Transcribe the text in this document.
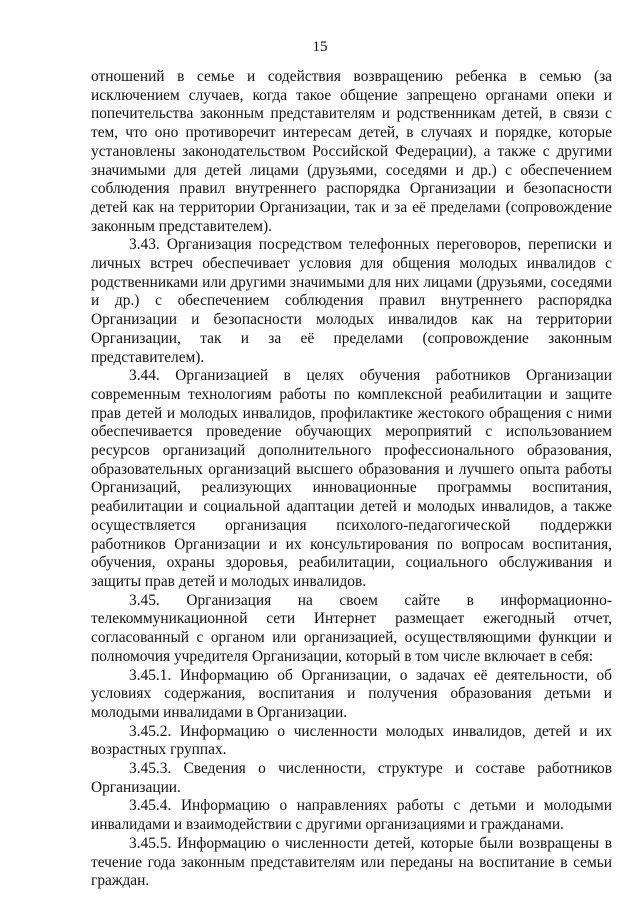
15

отношений в семье и содействия возвращению ребенка в семью (за исключением случаев, когда такое общение запрещено органами опеки и попечительства законным представителям и родственникам детей, в связи с тем, что оно противоречит интересам детей, в случаях и порядке, которые установлены законодательством Российской Федерации), а также с другими значимыми для детей лицами (друзьями, соседями и др.) с обеспечением соблюдения правил внутреннего распорядка Организации и безопасности детей как на территории Организации, так и за её пределами (сопровождение законным представителем).

3.43. Организация посредством телефонных переговоров, переписки и личных встреч обеспечивает условия для общения молодых инвалидов с родственниками или другими значимыми для них лицами (друзьями, соседями и др.) с обеспечением соблюдения правил внутреннего распорядка Организации и безопасности молодых инвалидов как на территории Организации, так и за её пределами (сопровождение законным представителем).

3.44. Организацией в целях обучения работников Организации современным технологиям работы по комплексной реабилитации и защите прав детей и молодых инвалидов, профилактике жестокого обращения с ними обеспечивается проведение обучающих мероприятий с использованием ресурсов организаций дополнительного профессионального образования, образовательных организаций высшего образования и лучшего опыта работы Организаций, реализующих инновационные программы воспитания, реабилитации и социальной адаптации детей и молодых инвалидов, а также осуществляется организация психолого-педагогической поддержки работников Организации и их консультирования по вопросам воспитания, обучения, охраны здоровья, реабилитации, социального обслуживания и защиты прав детей и молодых инвалидов.

3.45. Организация на своем сайте в информационно-телекоммуникационной сети Интернет размещает ежегодный отчет, согласованный с органом или организацией, осуществляющими функции и полномочия учредителя Организации, который в том числе включает в себя:

3.45.1. Информацию об Организации, о задачах её деятельности, об условиях содержания, воспитания и получения образования детьми и молодыми инвалидами в Организации.

3.45.2. Информацию о численности молодых инвалидов, детей и их возрастных группах.

3.45.3. Сведения о численности, структуре и составе работников Организации.

3.45.4. Информацию о направлениях работы с детьми и молодыми инвалидами и взаимодействии с другими организациями и гражданами.

3.45.5. Информацию о численности детей, которые были возвращены в течение года законным представителям или переданы на воспитание в семьи граждан.
